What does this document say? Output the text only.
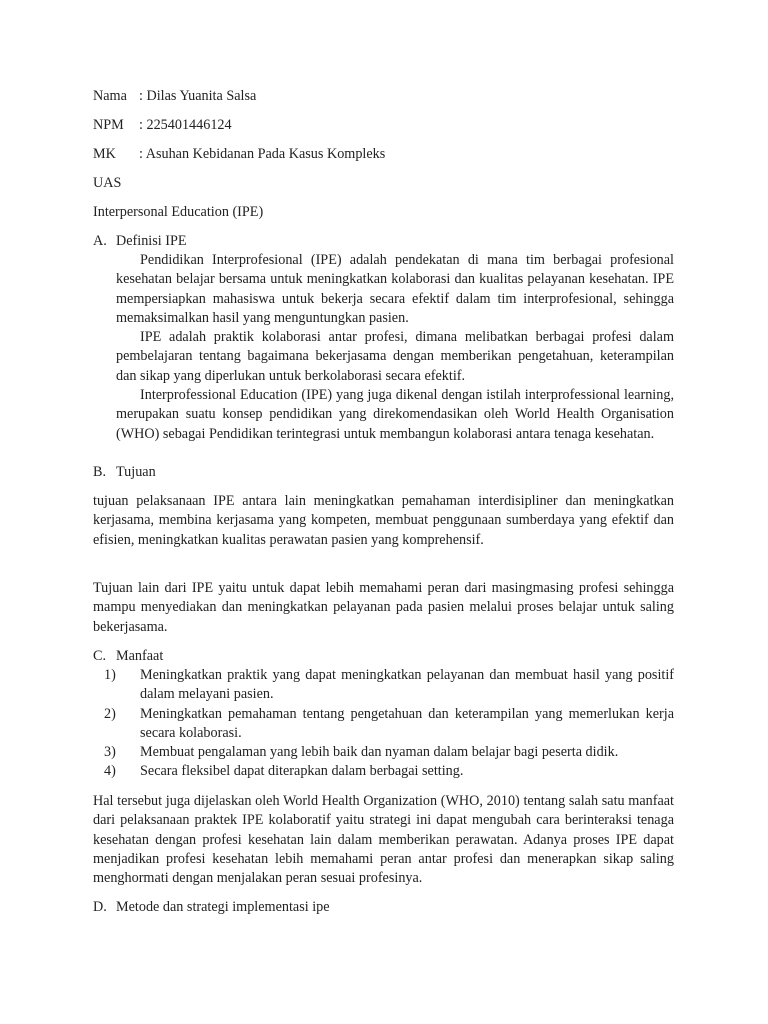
Nama : Dilas Yuanita Salsa
NPM : 225401446124
MK : Asuhan Kebidanan Pada Kasus Kompleks
UAS
Interpersonal Education (IPE)
A. Definisi IPE

Pendidikan Interprofesional (IPE) adalah pendekatan di mana tim berbagai profesional kesehatan belajar bersama untuk meningkatkan kolaborasi dan kualitas pelayanan kesehatan. IPE mempersiapkan mahasiswa untuk bekerja secara efektif dalam tim interprofesional, sehingga memaksimalkan hasil yang menguntungkan pasien.

IPE adalah praktik kolaborasi antar profesi, dimana melibatkan berbagai profesi dalam pembelajaran tentang bagaimana bekerjasama dengan memberikan pengetahuan, keterampilan dan sikap yang diperlukan untuk berkolaborasi secara efektif.

Interprofessional Education (IPE) yang juga dikenal dengan istilah interprofessional learning, merupakan suatu konsep pendidikan yang direkomendasikan oleh World Health Organisation (WHO) sebagai Pendidikan terintegrasi untuk membangun kolaborasi antara tenaga kesehatan.

B. Tujuan
tujuan pelaksanaan IPE antara lain meningkatkan pemahaman interdisipliner dan meningkatkan kerjasama, membina kerjasama yang kompeten, membuat penggunaan sumberdaya yang efektif dan efisien, meningkatkan kualitas perawatan pasien yang komprehensif.
Tujuan lain dari IPE yaitu untuk dapat lebih memahami peran dari masingmasing profesi sehingga mampu menyediakan dan meningkatkan pelayanan pada pasien melalui proses belajar untuk saling bekerjasama.
C. Manfaat
1)	Meningkatkan praktik yang dapat meningkatkan pelayanan dan membuat hasil yang positif dalam melayani pasien.
2)	Meningkatkan pemahaman tentang pengetahuan dan keterampilan yang memerlukan kerja secara kolaborasi.
3)	Membuat pengalaman yang lebih baik dan nyaman dalam belajar bagi peserta didik.
4)	Secara fleksibel dapat diterapkan dalam berbagai setting.
Hal tersebut juga dijelaskan oleh World Health Organization (WHO, 2010) tentang salah satu manfaat dari pelaksanaan praktek IPE kolaboratif yaitu strategi ini dapat mengubah cara berinteraksi tenaga kesehatan dengan profesi kesehatan lain dalam memberikan perawatan. Adanya proses IPE dapat menjadikan profesi kesehatan lebih memahami peran antar profesi dan menerapkan sikap saling menghormati dengan menjalakan peran sesuai profesinya.
D. Metode dan strategi implementasi ipe
